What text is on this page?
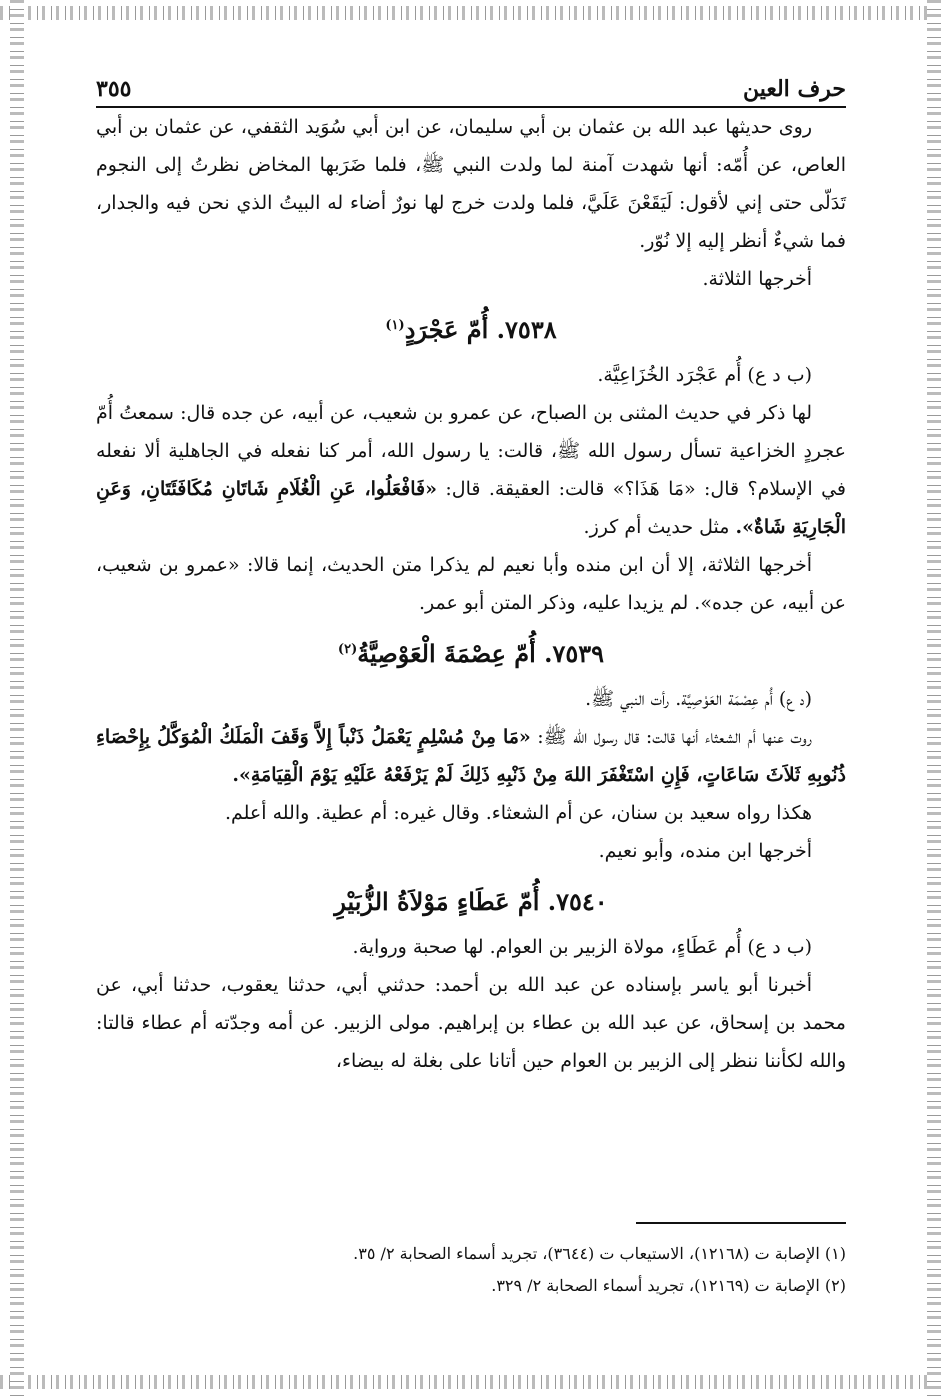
حرف العين
٣٥٥

روى حديثها عبد الله بن عثمان بن أبي سليمان، عن ابن أبي سُوَيد الثقفي، عن عثمان بن أبي العاص، عن أُمّه: أنها شهدت آمنة لما ولدت النبي ﷺ، فلما ضَرَبها المخاض نظرتُ إلى النجوم تَدَلّى حتى إني لأقول: لَيَقَعْنَ عَلَيَّ، فلما ولدت خرج لها نورٌ أضاء له البيتُ الذي نحن فيه والجدار، فما شيءٌ أنظر إليه إلا نُوّر.

أخرجها الثلاثة.

٧٥٣٨. أُمّ عَجْرَدٍ$^{(١)}$

(ب د ع) أُم عَجْرَد الخُزَاعِيَّة.

لها ذكر في حديث المثنى بن الصباح، عن عمرو بن شعيب، عن أبيه، عن جده قال: سمعتُ أُمّ عجردٍ الخزاعية تسأل رسول الله ﷺ، قالت: يا رسول الله، أمر كنا نفعله في الجاهلية ألا نفعله في الإسلام؟ قال: «مَا هَذَا؟» قالت: العقيقة. قال: «فَافْعَلُوا، عَنِ الْغُلَامِ شَاتَانِ مُكَافَئَتَانِ، وَعَنِ الْجَارِيَةِ شَاةٌ». مثل حديث أم كرز.

أخرجها الثلاثة، إلا أن ابن منده وأبا نعيم لم يذكرا متن الحديث، إنما قالا: «عمرو بن شعيب، عن أبيه، عن جده». لم يزيدا عليه، وذكر المتن أبو عمر.

٧٥٣٩. أُمّ عِصْمَةَ الْعَوْصِيَّةُ$^{(٢)}$

(د ع) أُم عِصْمَة العَوْصِيَّة. رأت النبي ﷺ.

روت عنها أم الشعثاء أنها قالت: قال رسول الله ﷺ: «مَا مِنْ مُسْلِمٍ يَعْمَلُ ذَنْباً إِلاَّ وَقَفَ الْمَلَكُ الْمُوَكَّلُ بِإِحْصَاءِ ذُنُوبِهِ ثَلاَثَ سَاعَاتٍ، فَإِنِ اسْتَغْفَرَ اللهَ مِنْ ذَنْبِهِ ذَلِكَ لَمْ يَرْفَعْهُ عَلَيْهِ يَوْمَ الْقِيَامَةِ».

هكذا رواه سعيد بن سنان، عن أم الشعثاء. وقال غيره: أم عطية. والله أعلم.

أخرجها ابن منده، وأبو نعيم.

٧٥٤٠. أُمّ عَطَاءٍ مَوْلاَةُ الزُّبَيْرِ

(ب د ع) أُم عَطَاءٍ، مولاة الزبير بن العوام. لها صحبة ورواية.

أخبرنا أبو ياسر بإسناده عن عبد الله بن أحمد: حدثني أبي، حدثنا يعقوب، حدثنا أبي، عن محمد بن إسحاق، عن عبد الله بن عطاء بن إبراهيم. مولى الزبير. عن أمه وجدّته أم عطاء قالتا: والله لكأننا ننظر إلى الزبير بن العوام حين أتانا على بغلة له بيضاء،

(١) الإصابة ت (١٢١٦٨)، الاستيعاب ت (٣٦٤٤)، تجريد أسماء الصحابة ٢/ ٣٥.

(٢) الإصابة ت (١٢١٦٩)، تجريد أسماء الصحابة ٢/ ٣٢٩.
